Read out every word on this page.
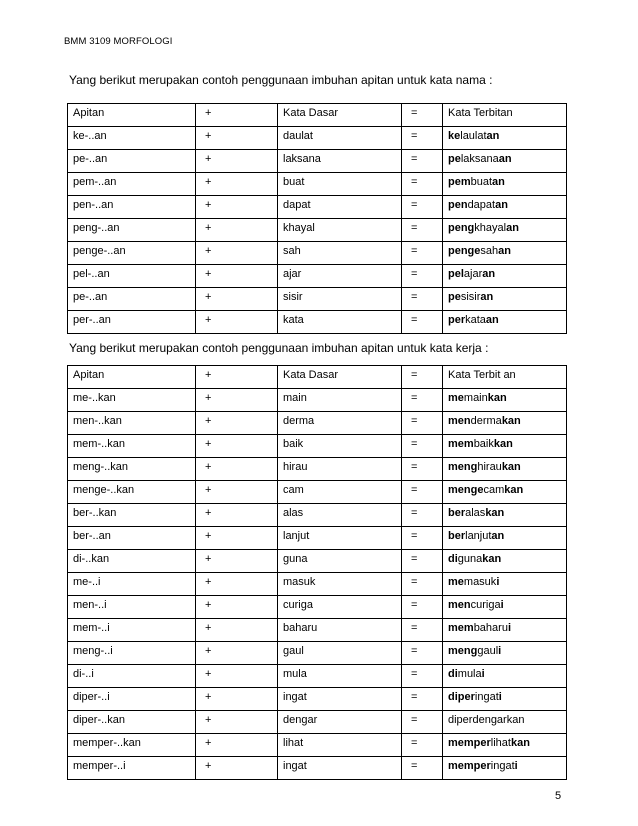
BMM 3109 MORFOLOGI
Yang berikut merupakan contoh penggunaan imbuhan apitan untuk kata nama :
Apitan	+	Kata Dasar	=	Kata Terbitan
ke-..an	+	daulat	=	kelaulatan
pe-..an	+	laksana	=	pelaksanaan
pem-..an	+	buat	=	pembuatan
pen-..an	+	dapat	=	pendapatan
peng-..an	+	khayal	=	pengkhayalan
penge-..an	+	sah	=	pengesahan
pel-..an	+	ajar	=	pelajaran
pe-..an	+	sisir	=	pesisiran
per-..an	+	kata	=	perkataan
Yang berikut merupakan contoh penggunaan imbuhan apitan untuk kata kerja :
Apitan	+	Kata Dasar	=	Kata Terbit an
me-..kan	+	main	=	memainkan
men-..kan	+	derma	=	mendermakan
mem-..kan	+	baik	=	membaikkan
meng-..kan	+	hirau	=	menghiraukan
menge-..kan	+	cam	=	mengecamkan
ber-..kan	+	alas	=	beralaskan
ber-..an	+	lanjut	=	berlanjutan
di-..kan	+	guna	=	digunakan
me-..i	+	masuk	=	memasuki
men-..i	+	curiga	=	mencurigai
mem-..i	+	baharu	=	membaharui
meng-..i	+	gaul	=	menggauli
di-..i	+	mula	=	dimulai
diper-..i	+	ingat	=	diperingati
diper-..kan	+	dengar	=	diperdengarkan
memper-..kan	+	lihat	=	memperlihatkan
memper-..i	+	ingat	=	memperingati
5
